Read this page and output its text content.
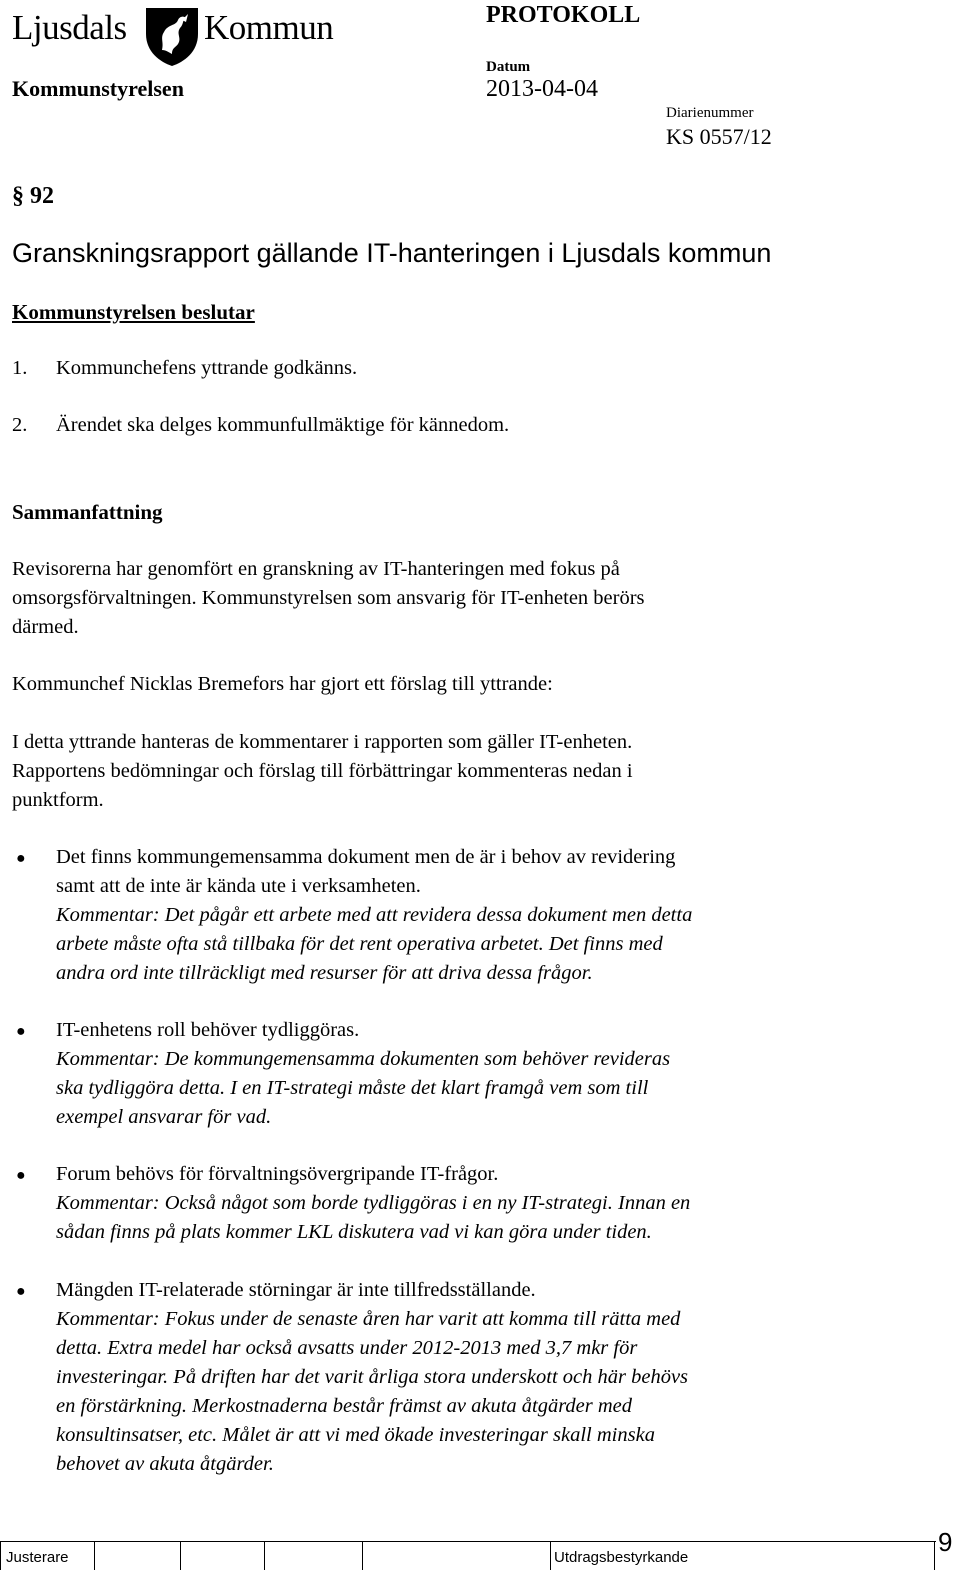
Ljusdals Kommun	PROTOKOLL
Kommunstyrelsen
Datum
2013-04-04
Diarienummer
KS 0557/12
§ 92
Granskningsrapport gällande IT-hanteringen i Ljusdals kommun
Kommunstyrelsen beslutar
1. Kommunchefens yttrande godkänns.
2. Ärendet ska delges kommunfullmäktige för kännedom.
Sammanfattning
Revisorerna har genomfört en granskning av IT-hanteringen med fokus på
omsorgsförvaltningen. Kommunstyrelsen som ansvarig för IT-enheten berörs
därmed.
Kommunchef Nicklas Bremefors har gjort ett förslag till yttrande:
I detta yttrande hanteras de kommentarer i rapporten som gäller IT-enheten.
Rapportens bedömningar och förslag till förbättringar kommenteras nedan i
punktform.
● Det finns kommungemensamma dokument men de är i behov av revidering
samt att de inte är kända ute i verksamheten.
Kommentar: Det pågår ett arbete med att revidera dessa dokument men detta
arbete måste ofta stå tillbaka för det rent operativa arbetet. Det finns med
andra ord inte tillräckligt med resurser för att driva dessa frågor.
● IT-enhetens roll behöver tydliggöras.
Kommentar: De kommungemensamma dokumenten som behöver revideras
ska tydliggöra detta. I en IT-strategi måste det klart framgå vem som till
exempel ansvarar för vad.
● Forum behövs för förvaltningsövergripande IT-frågor.
Kommentar: Också något som borde tydliggöras i en ny IT-strategi. Innan en
sådan finns på plats kommer LKL diskutera vad vi kan göra under tiden.
● Mängden IT-relaterade störningar är inte tillfredsställande.
Kommentar: Fokus under de senaste åren har varit att komma till rätta med
detta. Extra medel har också avsatts under 2012-2013 med 3,7 mkr för
investeringar. På driften har det varit årliga stora underskott och här behövs
en förstärkning. Merkostnaderna består främst av akuta åtgärder med
konsultinsatser, etc. Målet är att vi med ökade investeringar skall minska
behovet av akuta åtgärder.
Justerare	Utdragsbestyrkande
9
